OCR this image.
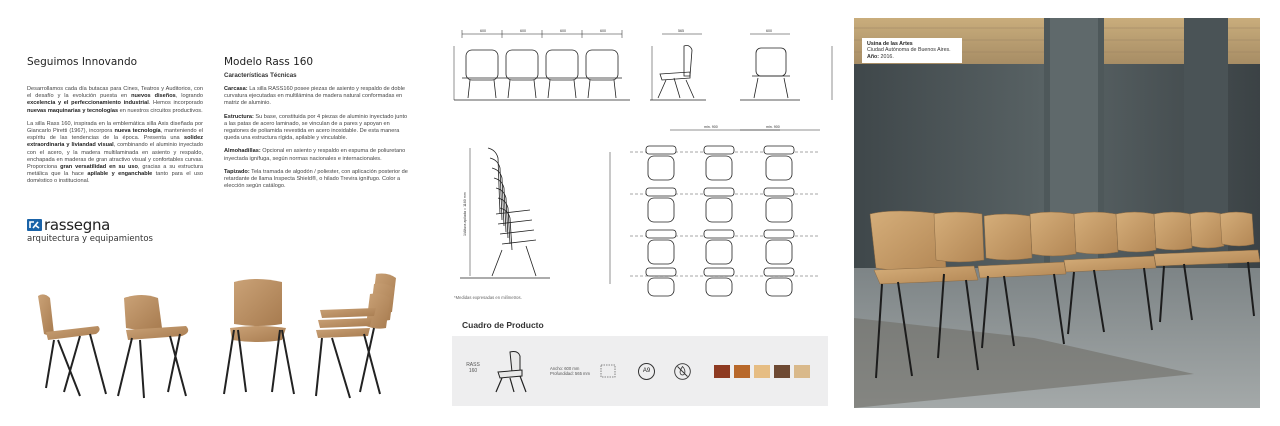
Seguimos Innovando

Desarrollamos cada día butacas para Cines, Teatros y Auditorios, con el desafío y la evolución puesta en nuevos diseños, logrando excelencia y el perfeccionamiento industrial. Hemos incorporado nuevas maquinarias y tecnologías en nuestros circuitos productivos.

La silla Rass 160, inspirada en la emblemática silla Axis diseñada por Giancarlo Piretti (1967), incorpora nueva tecnología, manteniendo el espíritu de las tendencias de la época. Presenta una solidez extraordinaria y liviandad visual, combinando el aluminio inyectado con el acero, y la madera multilaminada en asiento y respaldo, enchapada en maderas de gran atractivo visual y confortables curvas. Proporciona gran versatilidad en su uso, gracias a su estructura metálica que la hace apilable y enganchable tanto para el uso doméstico o institucional.

rassegna
arquitectura y equipamientos
Modelo Rass 160
Características Técnicas

Carcasa: La silla RASS160 posee piezas de asiento y respaldo de doble curvatura ejecutadas en multilámina de madera natural conformadas en matriz de aluminio.

Estructura: Su base, constituida por 4 piezas de aluminio inyectado junto a las patas de acero laminado, se vinculan de a pares y apoyan en regatones de poliamida revestida en acero inoxidable. De esta manera queda una estructura rígida, apilable y vinculable.

Almohadillas: Opcional en asiento y respaldo en espuma de poliuretano inyectada ignífuga, según normas nacionales e internacionales.

Tapizado: Tela tramada de algodón / poliester, con aplicación posterior de retardante de llama Inspecta Shield®, o hilado Trevira ignífugo. Color a elección según catálogo.

600	600	600	600	565	600
min. 900	min. 900
1/Altura apilada = 1160 mm
*Medidas expresadas en milímetros.
Cuadro de Producto
RASS
160	Ancho: 600 mm
Profundidad: 565 mm	A9
Usina de las Artes
Ciudad Autónoma de Buenos Aires.
Año: 2016.
